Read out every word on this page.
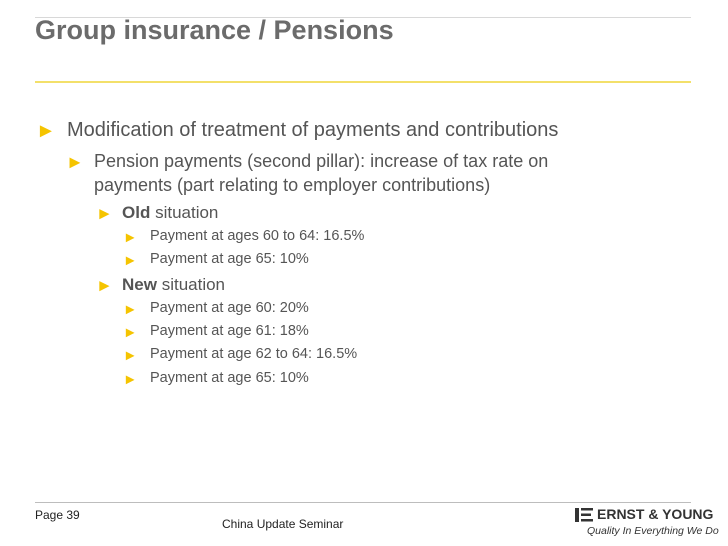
Group insurance / Pensions
► Modification of treatment of payments and contributions
► Pension payments (second pillar): increase of tax rate on
payments (part relating to employer contributions)
► Old situation
► Payment at ages 60 to 64: 16.5%
► Payment at age 65: 10%
► New situation
► Payment at age 60: 20%
► Payment at age 61: 18%
► Payment at age 62 to 64: 16.5%
► Payment at age 65: 10%
Page 39
China Update Seminar
ERNST & YOUNG
Quality In Everything We Do
